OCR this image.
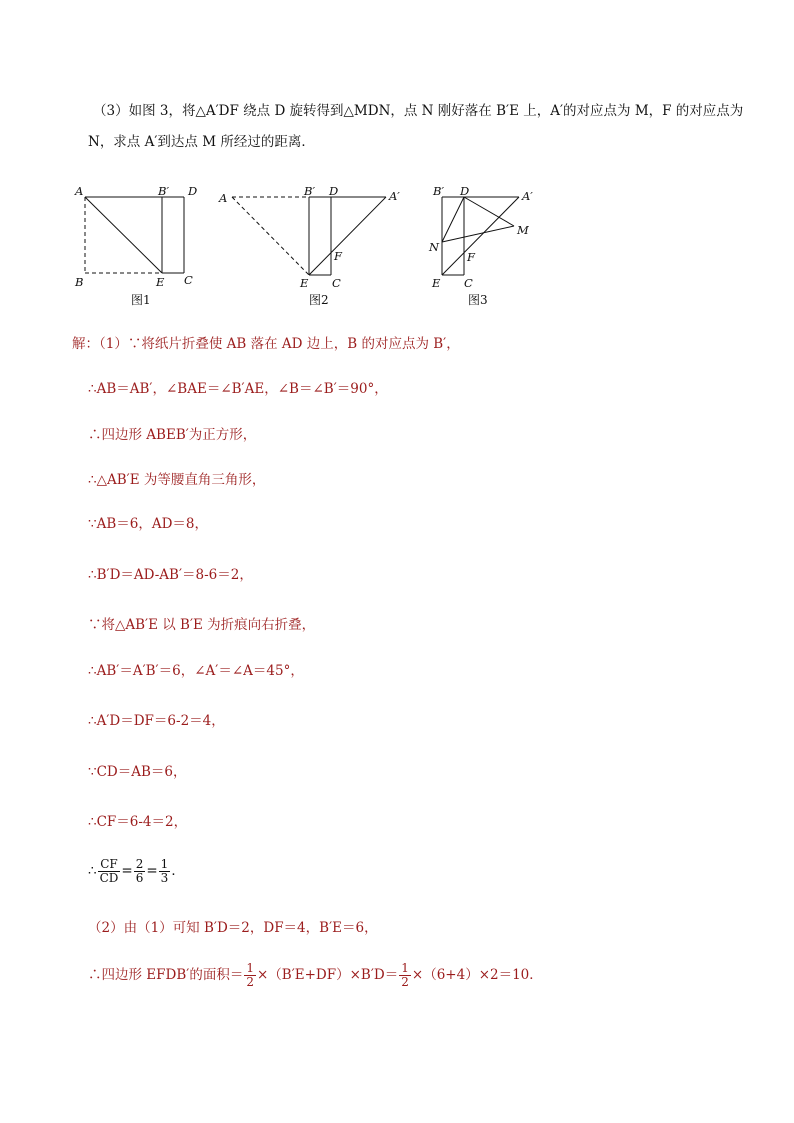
（3）如图 3，将△A′DF 绕点 D 旋转得到△MDN，点 N 刚好落在 B′E 上，A′的对应点为 M，F 的对应点为
N，求点 A′到达点 M 所经过的距离．
A	B′ D
B	E C
图1
A	B′ D	A′
F
E C
图2
B′ D	A′
M
N
F
E C
图3
解：（1）∵将纸片折叠使 AB 落在 AD 边上，B 的对应点为 B′，
∴AB＝AB′，∠BAE＝∠B′AE，∠B＝∠B′＝90°，
∴四边形 ABEB′为正方形，
∴△AB′E 为等腰直角三角形，
∵AB＝6，AD＝8，
∴B′D＝AD-AB′＝8-6＝2，
∵将△AB′E 以 B′E 为折痕向右折叠，
∴AB′＝A′B′＝6，∠A′＝∠A＝45°，
∴A′D＝DF＝6-2＝4，
∵CD＝AB＝6，
∴CF＝6-4＝2，
∴ $\frac{CF}{CD} = \frac{2}{6} = \frac{1}{3}$ ．
（2）由（1）可知 B′D＝2，DF＝4，B′E＝6，
∴四边形 EFDB′的面积＝ $\frac{1}{2} \times(B'E+DF)\times B'D= \frac{1}{2} \times(6+4)\times 2=10$．
